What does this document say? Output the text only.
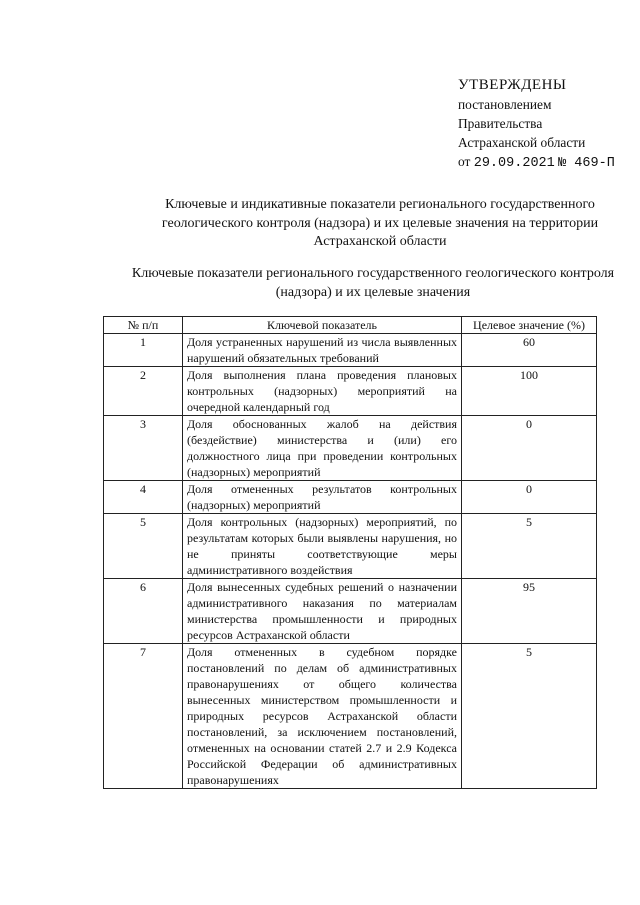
УТВЕРЖДЕНЫ
постановлением
Правительства
Астраханской области
от 29.09.2021 № 469-П
Ключевые и индикативные показатели регионального государственного геологического контроля (надзора) и их целевые значения на территории Астраханской области
Ключевые показатели регионального государственного геологического контроля (надзора) и их целевые значения
№ п/п	Ключевой показатель	Целевое значение (%)
1	Доля устраненных нарушений из числа выявленных нарушений обязательных требований	60
2	Доля выполнения плана проведения плановых контрольных (надзорных) мероприятий на очередной календарный год	100
3	Доля обоснованных жалоб на действия (бездействие) министерства и (или) его должностного лица при проведении контрольных (надзорных) мероприятий	0
4	Доля отмененных результатов контрольных (надзорных) мероприятий	0
5	Доля контрольных (надзорных) мероприятий, по результатам которых были выявлены нарушения, но не приняты соответствующие меры административного воздействия	5
6	Доля вынесенных судебных решений о назначении административного наказания по материалам министерства промышленности и природных ресурсов Астраханской области	95
7	Доля отмененных в судебном порядке постановлений по делам об административных правонарушениях от общего количества вынесенных министерством промышленности и природных ресурсов Астраханской области постановлений, за исключением постановлений, отмененных на основании статей 2.7 и 2.9 Кодекса Российской Федерации об административных правонарушениях	5
